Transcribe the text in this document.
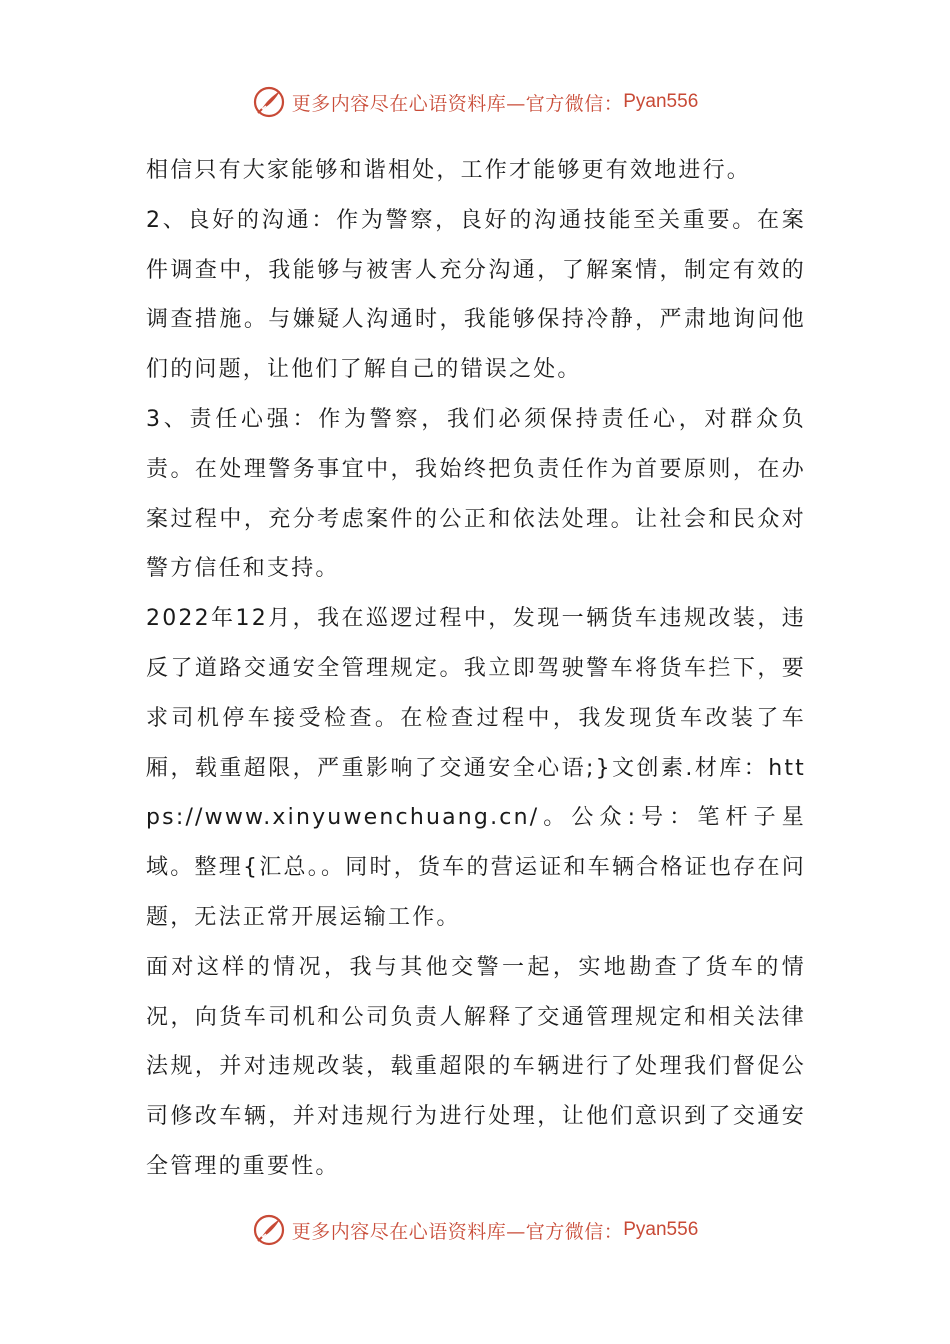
更多内容尽在心语资料库—官方微信： Pyan556

相信只有大家能够和谐相处，工作才能够更有效地进行。

2、良好的沟通：作为警察，良好的沟通技能至关重要。在案件调查中，我能够与被害人充分沟通，了解案情，制定有效的调查措施。与嫌疑人沟通时，我能够保持冷静，严肃地询问他们的问题，让他们了解自己的错误之处。

3、责任心强：作为警察，我们必须保持责任心，对群众负责。在处理警务事宜中，我始终把负责任作为首要原则，在办案过程中，充分考虑案件的公正和依法处理。让社会和民众对警方信任和支持。

2022年12月，我在巡逻过程中，发现一辆货车违规改装，违反了道路交通安全管理规定。我立即驾驶警车将货车拦下，要求司机停车接受检查。在检查过程中，我发现货车改装了车厢，载重超限，严重影响了交通安全心语;}文创素.材库：https://www.xinyuwenchuang.cn/。公众:号：笔杆子星域。整理{汇总。。同时，货车的营运证和车辆合格证也存在问题，无法正常开展运输工作。

面对这样的情况，我与其他交警一起，实地勘查了货车的情况，向货车司机和公司负责人解释了交通管理规定和相关法律法规，并对违规改装，载重超限的车辆进行了处理我们督促公司修改车辆，并对违规行为进行处理，让他们意识到了交通安全管理的重要性。

更多内容尽在心语资料库—官方微信： Pyan556
